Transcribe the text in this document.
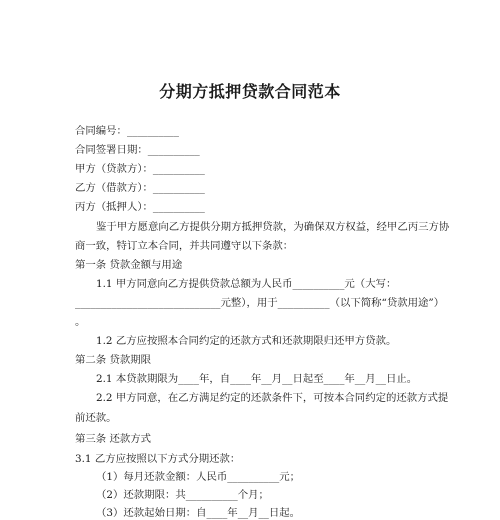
分期方抵押贷款合同范本
合同编号：__________
合同签署日期：__________
甲方（贷款方）：__________
乙方（借款方）：__________
丙方（抵押人）：__________
鉴于甲方愿意向乙方提供分期方抵押贷款，为确保双方权益，经甲乙丙三方协
商一致，特订立本合同，并共同遵守以下条款：
第一条 贷款金额与用途
1.1 甲方同意向乙方提供贷款总额为人民币__________元（大写：
____________________________元整），用于__________（以下简称“贷款用途”）
。
1.2 乙方应按照本合同约定的还款方式和还款期限归还甲方贷款。
第二条 贷款期限
2.1 本贷款期限为____年，自____年__月__日起至____年__月__日止。
2.2 甲方同意，在乙方满足约定的还款条件下，可按本合同约定的还款方式提
前还款。
第三条 还款方式
3.1 乙方应按照以下方式分期还款：
（1）每月还款金额：人民币__________元；
（2）还款期限：共__________个月；
（3）还款起始日期：自____年__月__日起。
